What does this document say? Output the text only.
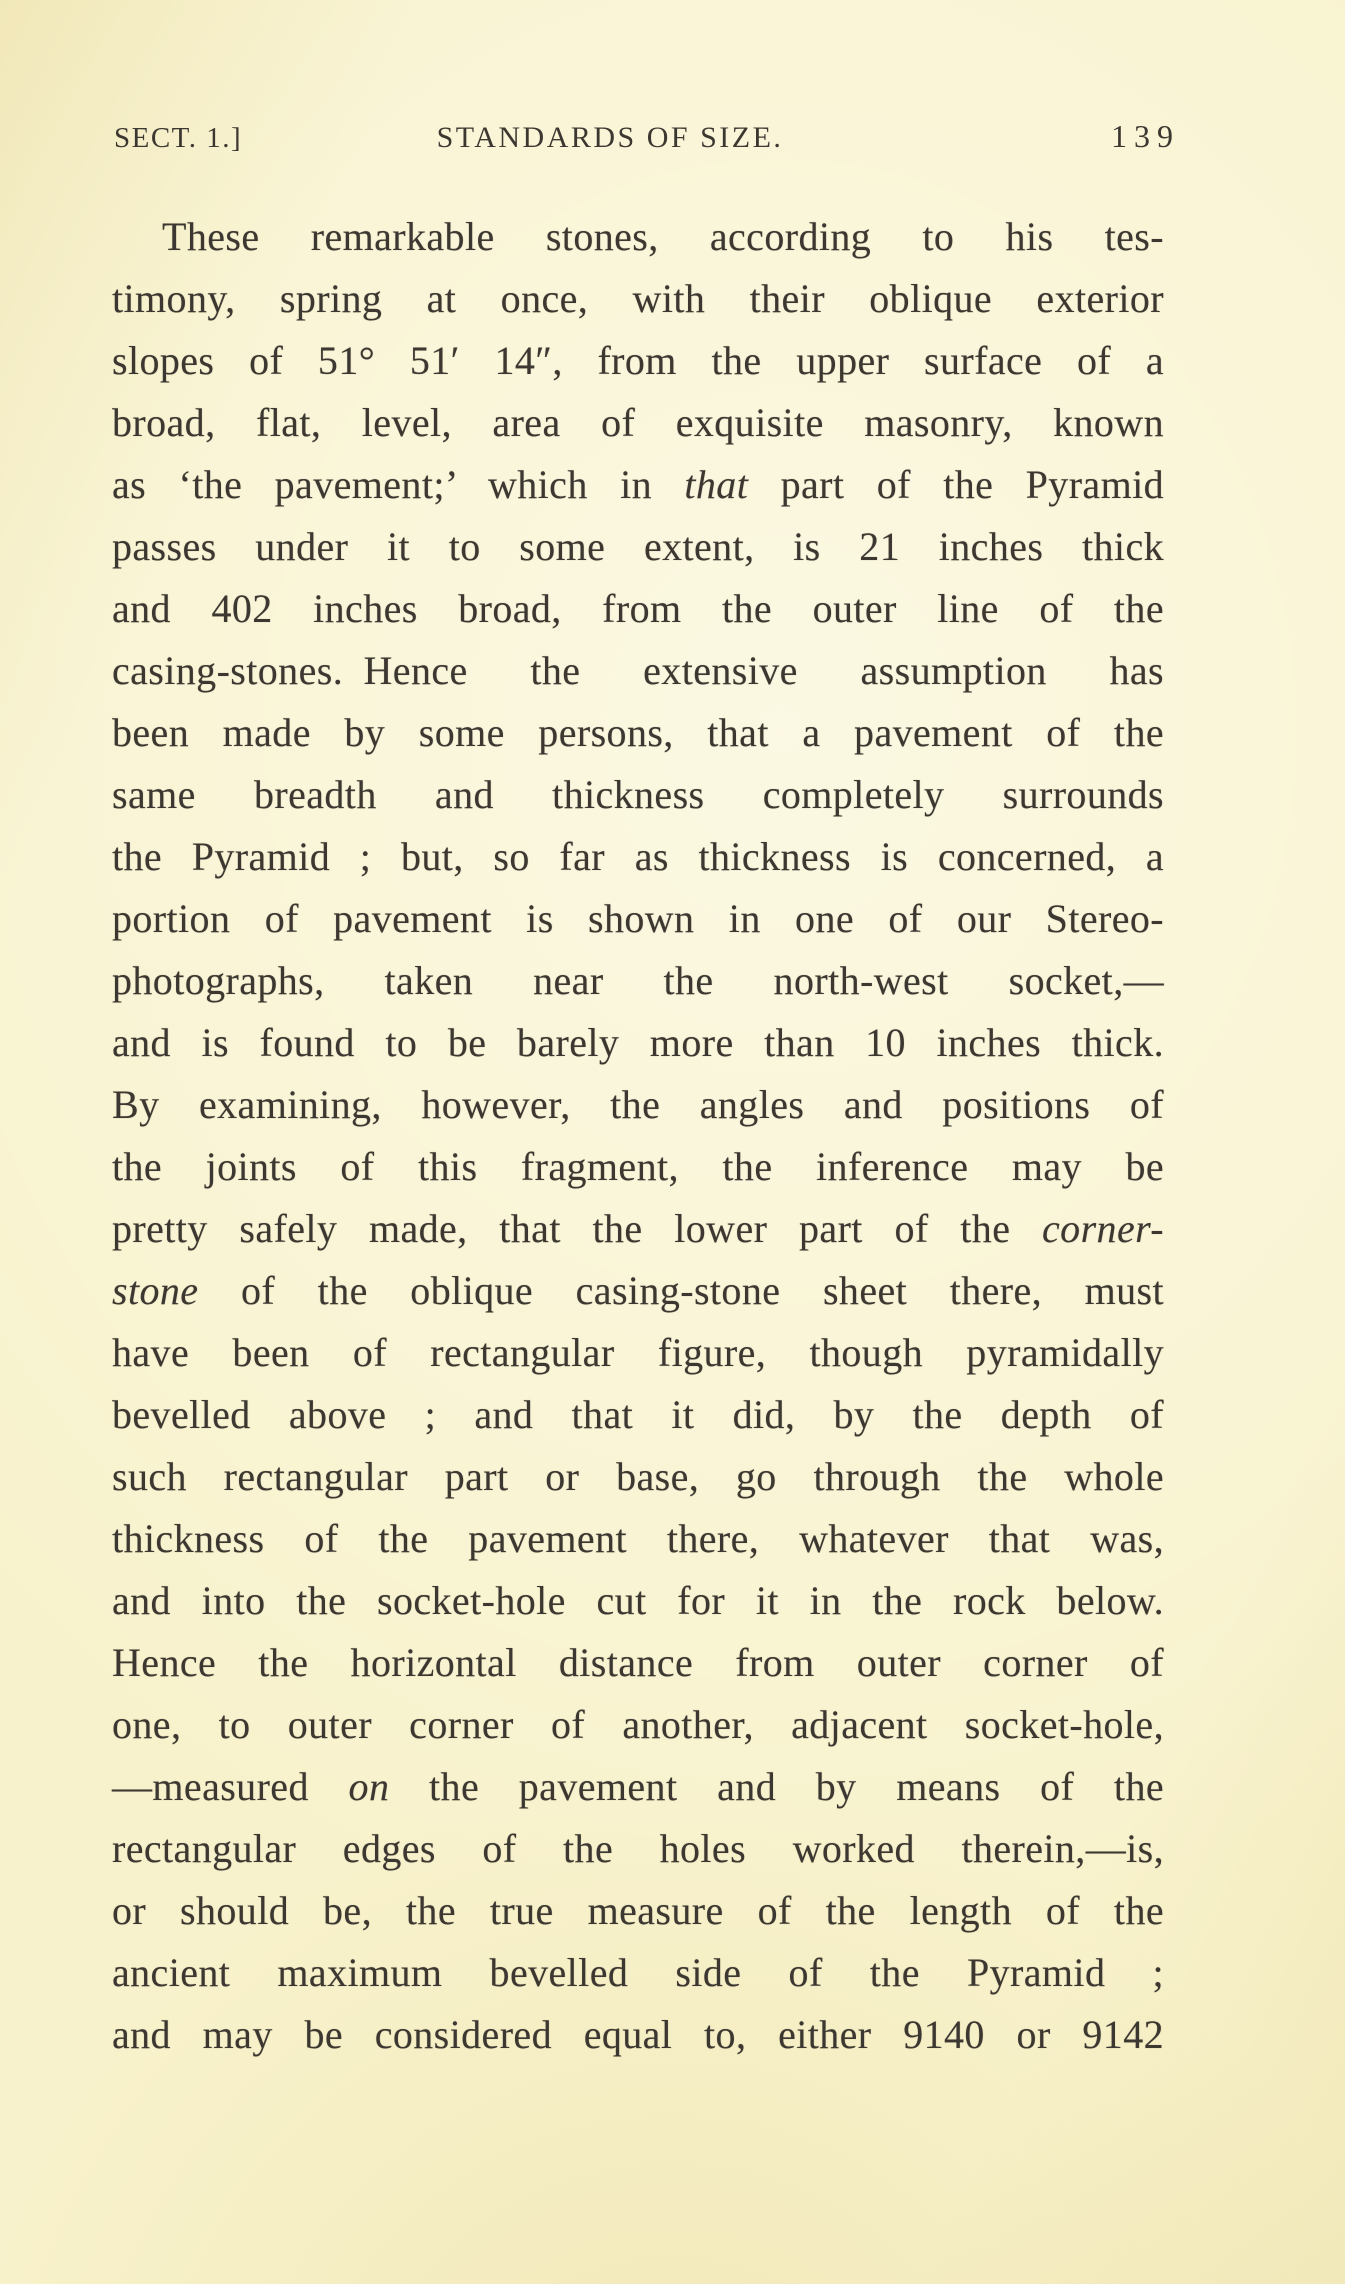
SECT. 1.]	STANDARDS OF SIZE.	139
These remarkable stones, according to his tes-
timony, spring at once, with their oblique exterior
slopes of 51° 51′ 14″, from the upper surface of a
broad, flat, level, area of exquisite masonry, known
as ‘the pavement;’ which in that part of the Pyramid
passes under it to some extent, is 21 inches thick
and 402 inches broad, from the outer line of the
casing-stones. Hence the extensive assumption has
been made by some persons, that a pavement of the
same breadth and thickness completely surrounds
the Pyramid ; but, so far as thickness is concerned, a
portion of pavement is shown in one of our Stereo-
photographs, taken near the north-west socket,—
and is found to be barely more than 10 inches thick.
By examining, however, the angles and positions of
the joints of this fragment, the inference may be
pretty safely made, that the lower part of the corner-
stone of the oblique casing-stone sheet there, must
have been of rectangular figure, though pyramidally
bevelled above ; and that it did, by the depth of
such rectangular part or base, go through the whole
thickness of the pavement there, whatever that was,
and into the socket-hole cut for it in the rock below.
Hence the horizontal distance from outer corner of
one, to outer corner of another, adjacent socket-hole,
—measured on the pavement and by means of the
rectangular edges of the holes worked therein,—is,
or should be, the true measure of the length of the
ancient maximum bevelled side of the Pyramid ;
and may be considered equal to, either 9140 or 9142
